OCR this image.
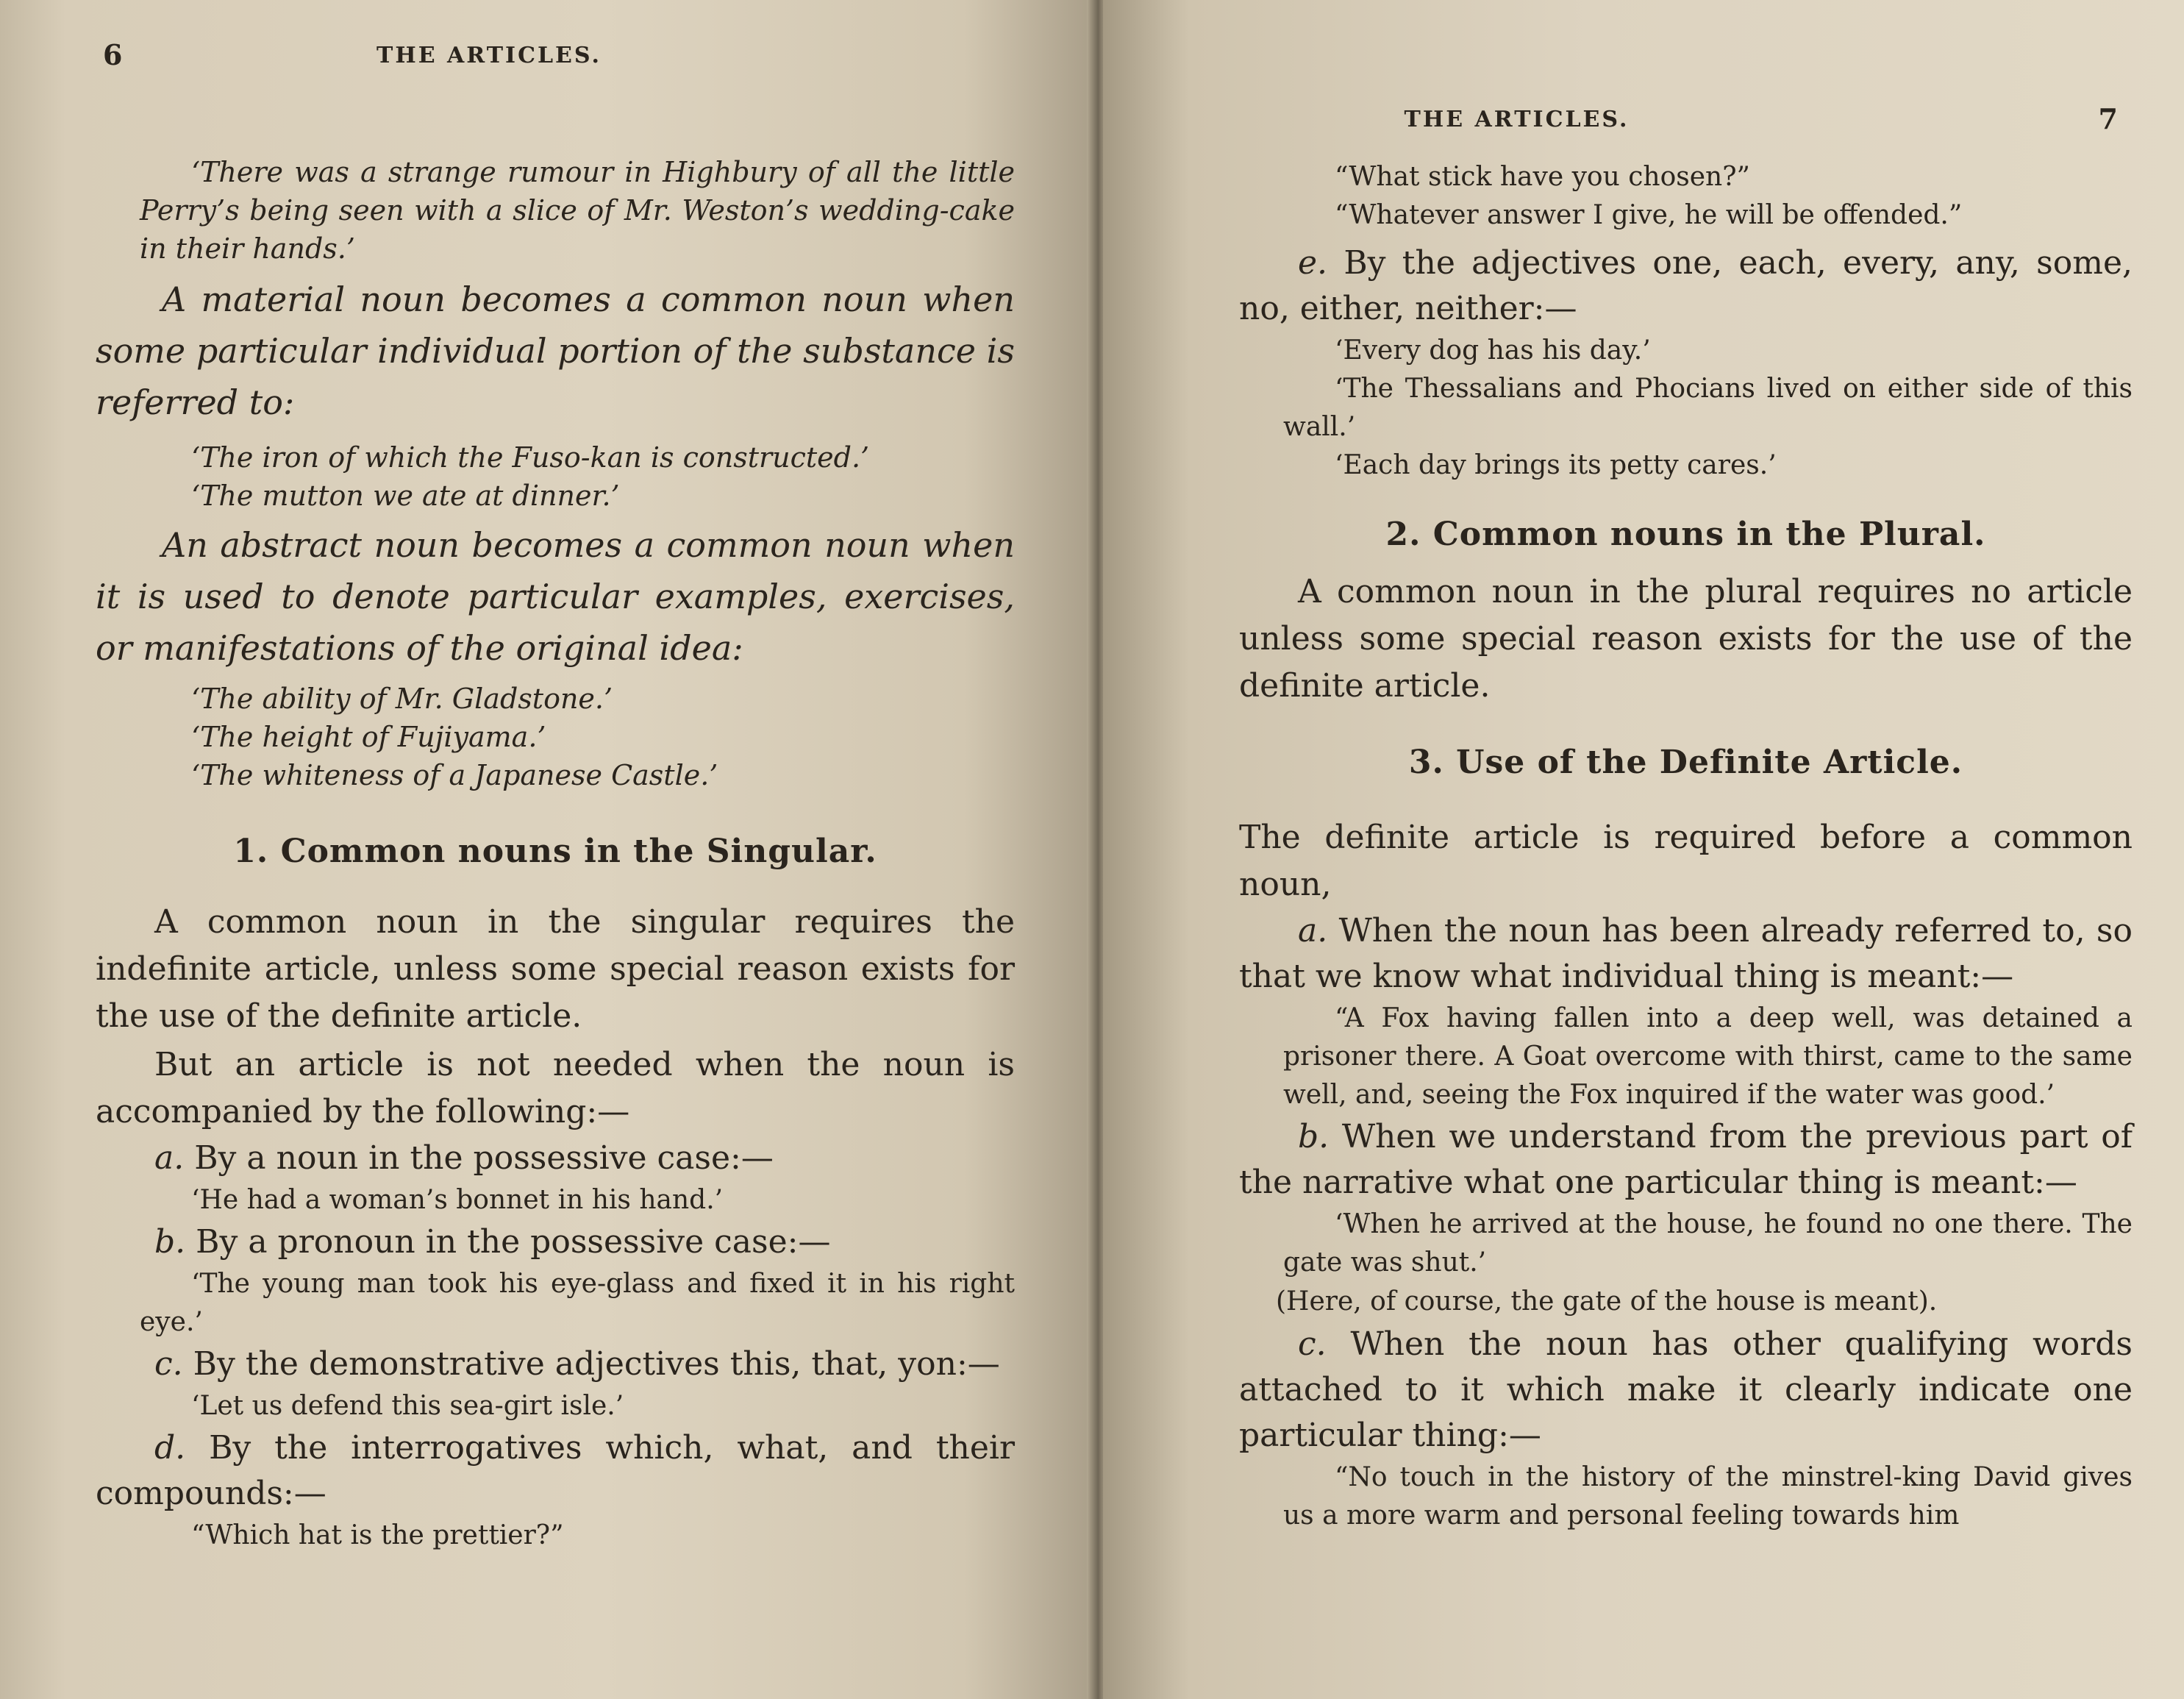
6	THE ARTICLES.

‘There was a strange rumour in Highbury of all the little Perry’s being seen with a slice of Mr. Weston’s wedding-cake in their hands.’

A material noun becomes a common noun when some particular individual portion of the substance is referred to:

‘The iron of which the Fuso-kan is constructed.’

‘The mutton we ate at dinner.’

An abstract noun becomes a common noun when it is used to denote particular examples, exercises, or manifestations of the original idea:

‘The ability of Mr. Gladstone.’

‘The height of Fujiyama.’

‘The whiteness of a Japanese Castle.’

1. Common nouns in the Singular.

A common noun in the singular requires the indefinite article, unless some special reason exists for the use of the definite article.

But an article is not needed when the noun is accompanied by the following:—

a. By a noun in the possessive case:—

‘He had a woman’s bonnet in his hand.’

b. By a pronoun in the possessive case:—

‘The young man took his eye-glass and fixed it in his right eye.’

c. By the demonstrative adjectives this, that, yon:—

‘Let us defend this sea-girt isle.’

d. By the interrogatives which, what, and their compounds:—

“Which hat is the prettier?”

THE ARTICLES.	7

“What stick have you chosen?”

“Whatever answer I give, he will be offended.”

e. By the adjectives one, each, every, any, some, no, either, neither:—

‘Every dog has his day.’

‘The Thessalians and Phocians lived on either side of this wall.’

‘Each day brings its petty cares.’

2. Common nouns in the Plural.

A common noun in the plural requires no article unless some special reason exists for the use of the definite article.

3. Use of the Definite Article.

The definite article is required before a common noun,

a. When the noun has been already referred to, so that we know what individual thing is meant:—

“A Fox having fallen into a deep well, was detained a prisoner there. A Goat overcome with thirst, came to the same well, and, seeing the Fox inquired if the water was good.’

b. When we understand from the previous part of the narrative what one particular thing is meant:—

‘When he arrived at the house, he found no one there. The gate was shut.’

(Here, of course, the gate of the house is meant).

c. When the noun has other qualifying words attached to it which make it clearly indicate one particular thing:—

“No touch in the history of the minstrel-king David gives us a more warm and personal feeling towards him
